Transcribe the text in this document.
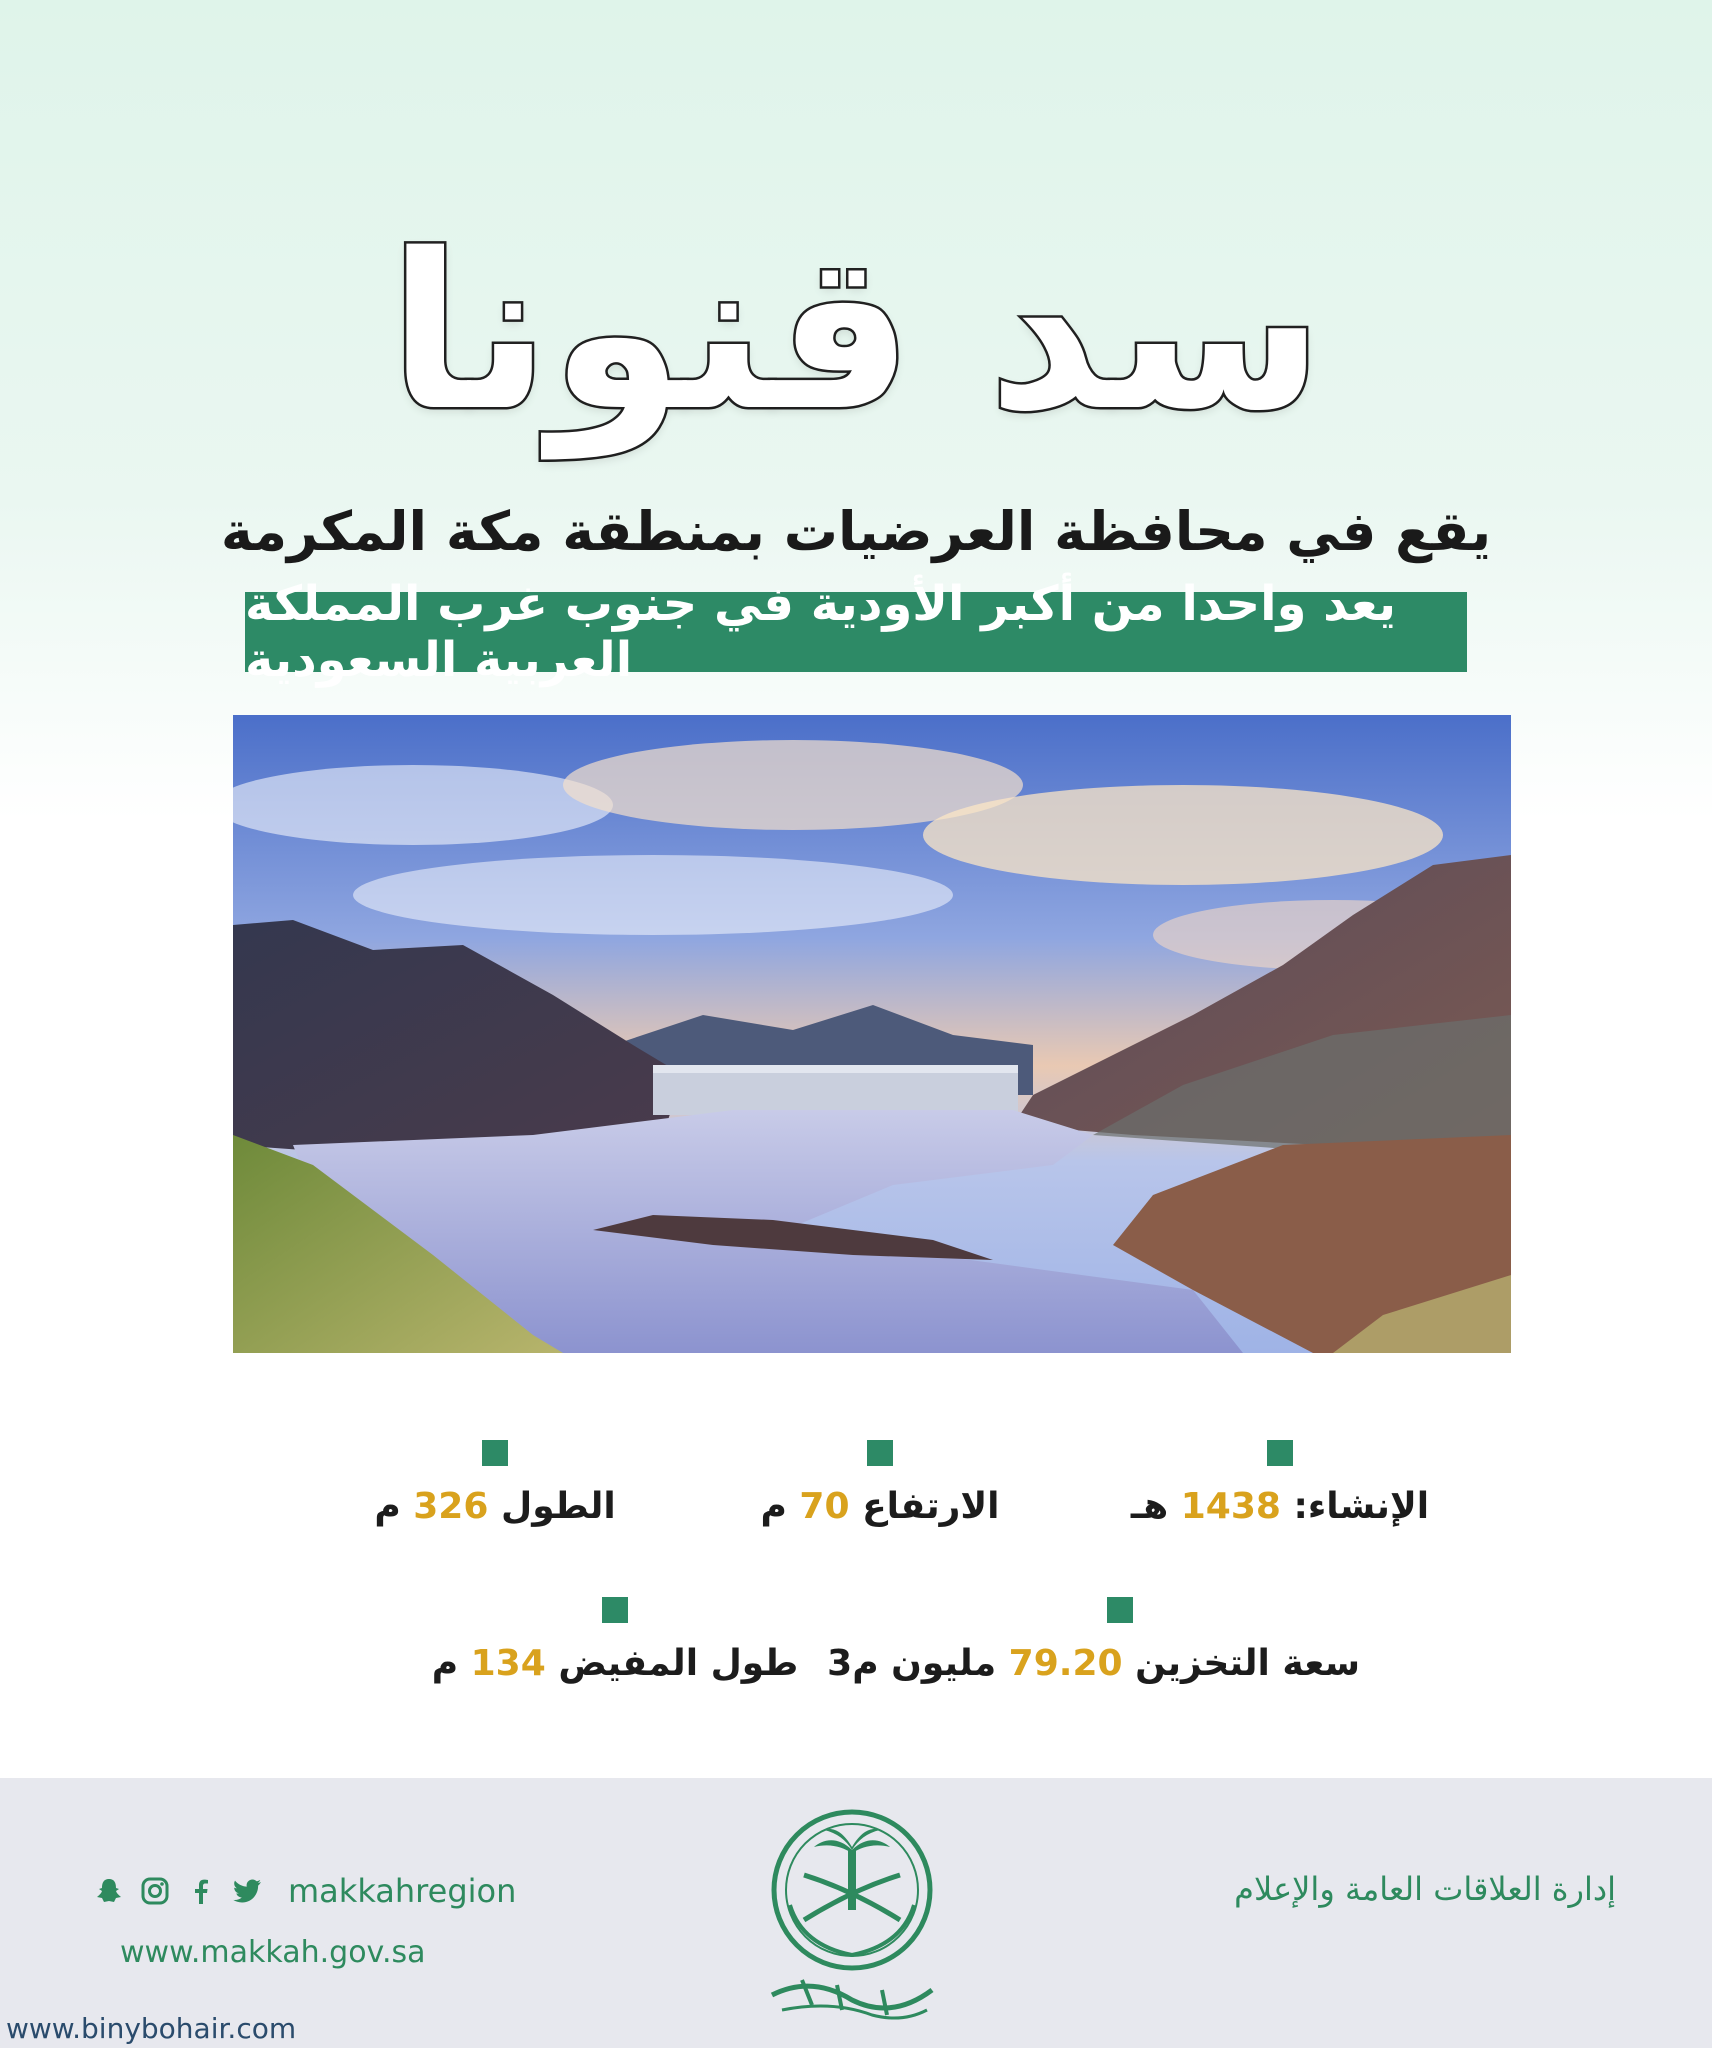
سد قنونا
يقع في محافظة العرضيات بمنطقة مكة المكرمة
يعد واحدا من أكبر الأودية في جنوب غرب المملكة العربية السعودية
الإنشاء: 1438 هـ
الارتفاع 70 م
الطول 326 م
سعة التخزين 79.20 مليون م3
طول المفيض 134 م
makkahregion
www.makkah.gov.sa
إدارة العلاقات العامة والإعلام
www.binybohair.com
